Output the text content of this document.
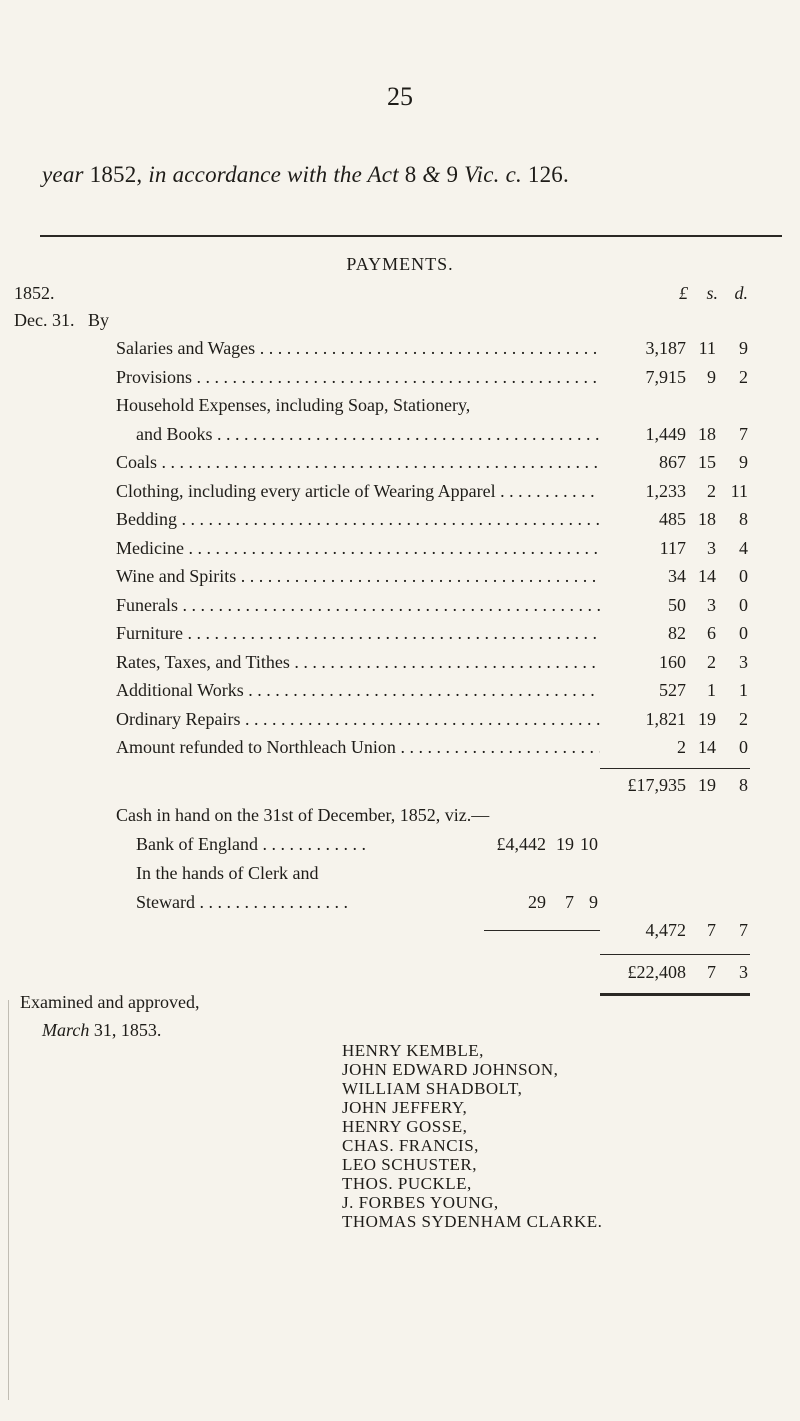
25
year 1852, in accordance with the Act 8 & 9 Vic. c. 126.
PAYMENTS.
1852.	£	s. d.
Dec. 31. By
Salaries and Wages . . .	3,187 11	9
Provisions . . .	7,915	9	2
Household Expenses, including Soap, Stationery,
and Books . . .	1,449 18	7
Coals . . .	867 15	9
Clothing, including every article of Wearing Apparel . . .	1,233	2 11
Bedding . . .	485 18	8
Medicine . . .	117	3	4
Wine and Spirits . . .	34 14	0
Funerals . . .	50	3	0
Furniture . . .	82	6	0
Rates, Taxes, and Tithes . . .	160	2	3
Additional Works . . .	527	1	1
Ordinary Repairs . . .	1,821 19	2
Amount refunded to Northleach Union . . .	2 14	0
£17,935 19	8
Cash in hand on the 31st of December, 1852, viz.—
Bank of England . . . . . . . . . . . .	£4,442 19 10
In the hands of Clerk and
Steward . . . . . . . . . . . . . . . . .	29	7 9
4,472	7	7
£22,408	7	3
Examined and approved,
March 31, 1853.
HENRY KEMBLE,
JOHN EDWARD JOHNSON,
WILLIAM SHADBOLT,
JOHN JEFFERY,
HENRY GOSSE,
CHAS. FRANCIS,
LEO SCHUSTER,
THOS. PUCKLE,
J. FORBES YOUNG,
THOMAS SYDENHAM CLARKE.
